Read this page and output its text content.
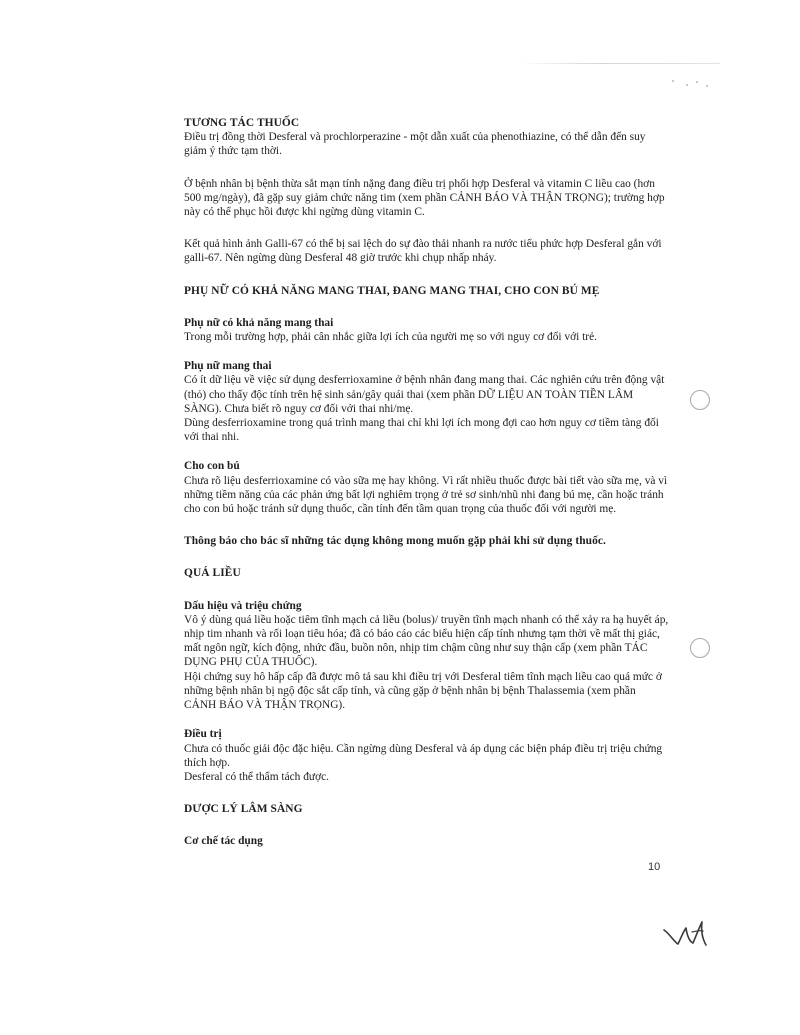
TƯƠNG TÁC THUỐC

Điều trị đồng thời Desferal và prochlorperazine - một dẫn xuất của phenothiazine, có thể dẫn đến suy giảm ý thức tạm thời.

Ở bệnh nhân bị bệnh thừa sắt mạn tính nặng đang điều trị phối hợp Desferal và vitamin C liều cao (hơn 500 mg/ngày), đã gặp suy giảm chức năng tim (xem phần CẢNH BÁO VÀ THẬN TRỌNG); trường hợp này có thể phục hồi được khi ngừng dùng vitamin C.

Kết quả hình ảnh Galli-67 có thể bị sai lệch do sự đào thải nhanh ra nước tiểu phức hợp Desferal gắn với galli-67. Nên ngừng dùng Desferal 48 giờ trước khi chụp nhấp nháy.

PHỤ NỮ CÓ KHẢ NĂNG MANG THAI, ĐANG MANG THAI, CHO CON BÚ MẸ

Phụ nữ có khả năng mang thai

Trong mỗi trường hợp, phải cân nhắc giữa lợi ích của người mẹ so với nguy cơ đối với trẻ.

Phụ nữ mang thai

Có ít dữ liệu về việc sử dụng desferrioxamine ở bệnh nhân đang mang thai. Các nghiên cứu trên động vật (thỏ) cho thấy độc tính trên hệ sinh sản/gây quái thai (xem phần DỮ LIỆU AN TOÀN TIỀN LÂM SÀNG). Chưa biết rõ nguy cơ đối với thai nhi/mẹ.

Dùng desferrioxamine trong quá trình mang thai chỉ khi lợi ích mong đợi cao hơn nguy cơ tiềm tàng đối với thai nhi.

Cho con bú

Chưa rõ liệu desferrioxamine có vào sữa mẹ hay không. Vì rất nhiều thuốc được bài tiết vào sữa mẹ, và vì những tiềm năng của các phản ứng bất lợi nghiêm trọng ở trẻ sơ sinh/nhũ nhi đang bú mẹ, cần hoặc tránh cho con bú hoặc tránh sử dụng thuốc, cần tính đến tầm quan trọng của thuốc đối với người mẹ.

Thông báo cho bác sĩ những tác dụng không mong muốn gặp phải khi sử dụng thuốc.

QUÁ LIỀU

Dấu hiệu và triệu chứng

Vô ý dùng quá liều hoặc tiêm tĩnh mạch cả liều (bolus)/ truyền tĩnh mạch nhanh có thể xảy ra hạ huyết áp, nhịp tim nhanh và rối loạn tiêu hóa; đã có báo cáo các biểu hiện cấp tính nhưng tạm thời về mất thị giác, mất ngôn ngữ, kích động, nhức đầu, buồn nôn, nhịp tim chậm cũng như suy thận cấp (xem phần TÁC DỤNG PHỤ CỦA THUỐC).

Hội chứng suy hô hấp cấp đã được mô tả sau khi điều trị với Desferal tiêm tĩnh mạch liều cao quá mức ở những bệnh nhân bị ngộ độc sắt cấp tính, và cũng gặp ở bệnh nhân bị bệnh Thalassemia (xem phần CẢNH BÁO VÀ THẬN TRỌNG).

Điều trị

Chưa có thuốc giải độc đặc hiệu. Cần ngừng dùng Desferal và áp dụng các biện pháp điều trị triệu chứng thích hợp.

Desferal có thể thẩm tách được.

DƯỢC LÝ LÂM SÀNG

Cơ chế tác dụng

10
